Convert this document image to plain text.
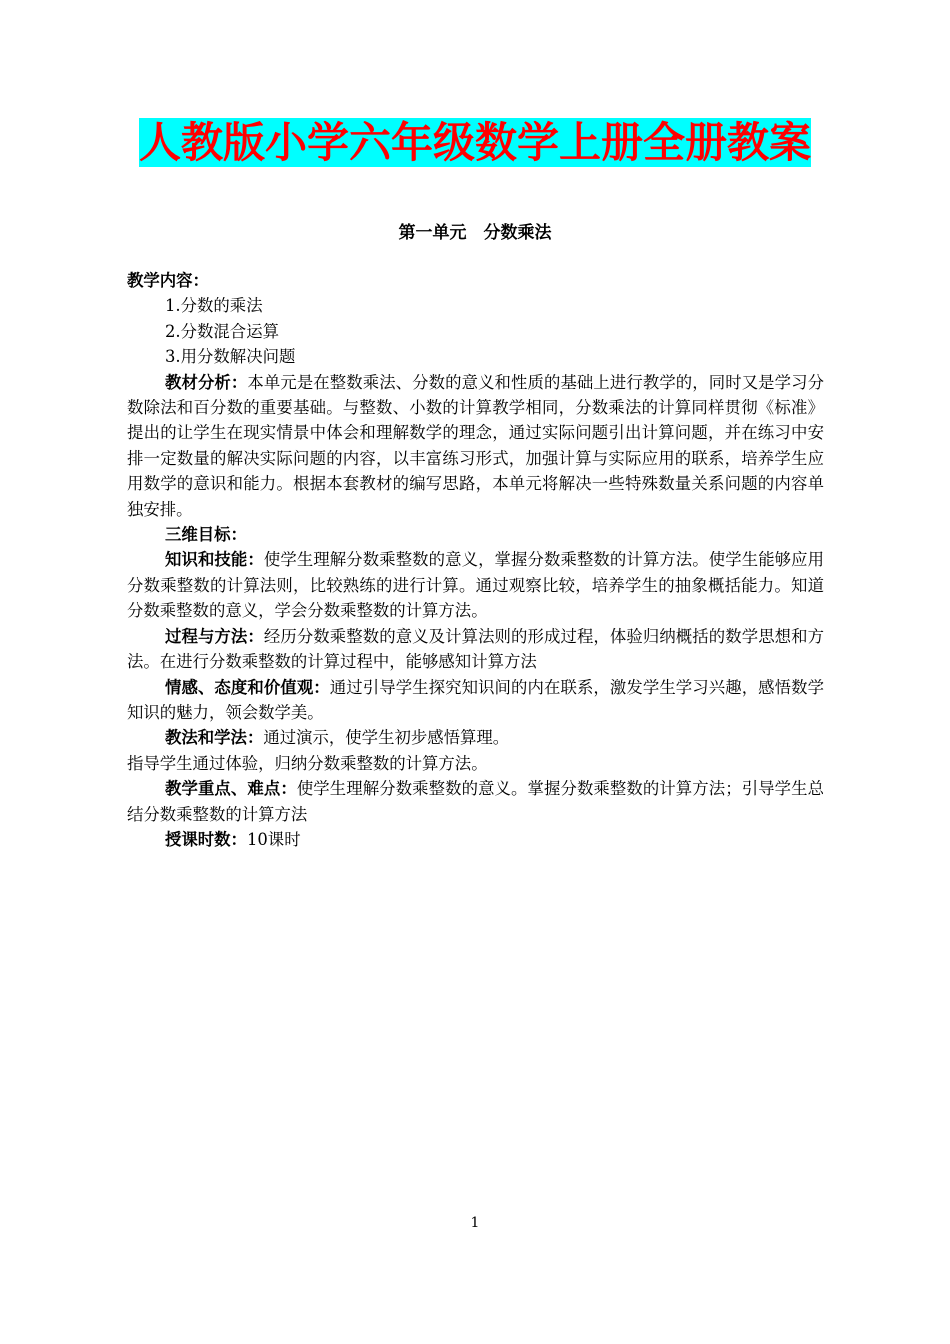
人教版小学六年级数学上册全册教案
第一单元　分数乘法

教学内容：

1.分数的乘法

2.分数混合运算

3.用分数解决问题

教材分析：本单元是在整数乘法、分数的意义和性质的基础上进行教学的，同时又是学习分数除法和百分数的重要基础。与整数、小数的计算教学相同，分数乘法的计算同样贯彻《标准》提出的让学生在现实情景中体会和理解数学的理念，通过实际问题引出计算问题，并在练习中安排一定数量的解决实际问题的内容，以丰富练习形式，加强计算与实际应用的联系，培养学生应用数学的意识和能力。根据本套教材的编写思路，本单元将解决一些特殊数量关系问题的内容单独安排。

三维目标：

知识和技能：使学生理解分数乘整数的意义，掌握分数乘整数的计算方法。使学生能够应用分数乘整数的计算法则，比较熟练的进行计算。通过观察比较，培养学生的抽象概括能力。知道分数乘整数的意义，学会分数乘整数的计算方法。

过程与方法：经历分数乘整数的意义及计算法则的形成过程，体验归纳概括的数学思想和方法。在进行分数乘整数的计算过程中，能够感知计算方法

情感、态度和价值观：通过引导学生探究知识间的内在联系，激发学生学习兴趣，感悟数学知识的魅力，领会数学美。

教法和学法：通过演示，使学生初步感悟算理。

指导学生通过体验，归纳分数乘整数的计算方法。

教学重点、难点：使学生理解分数乘整数的意义。掌握分数乘整数的计算方法；引导学生总结分数乘整数的计算方法

授课时数：10课时

1
